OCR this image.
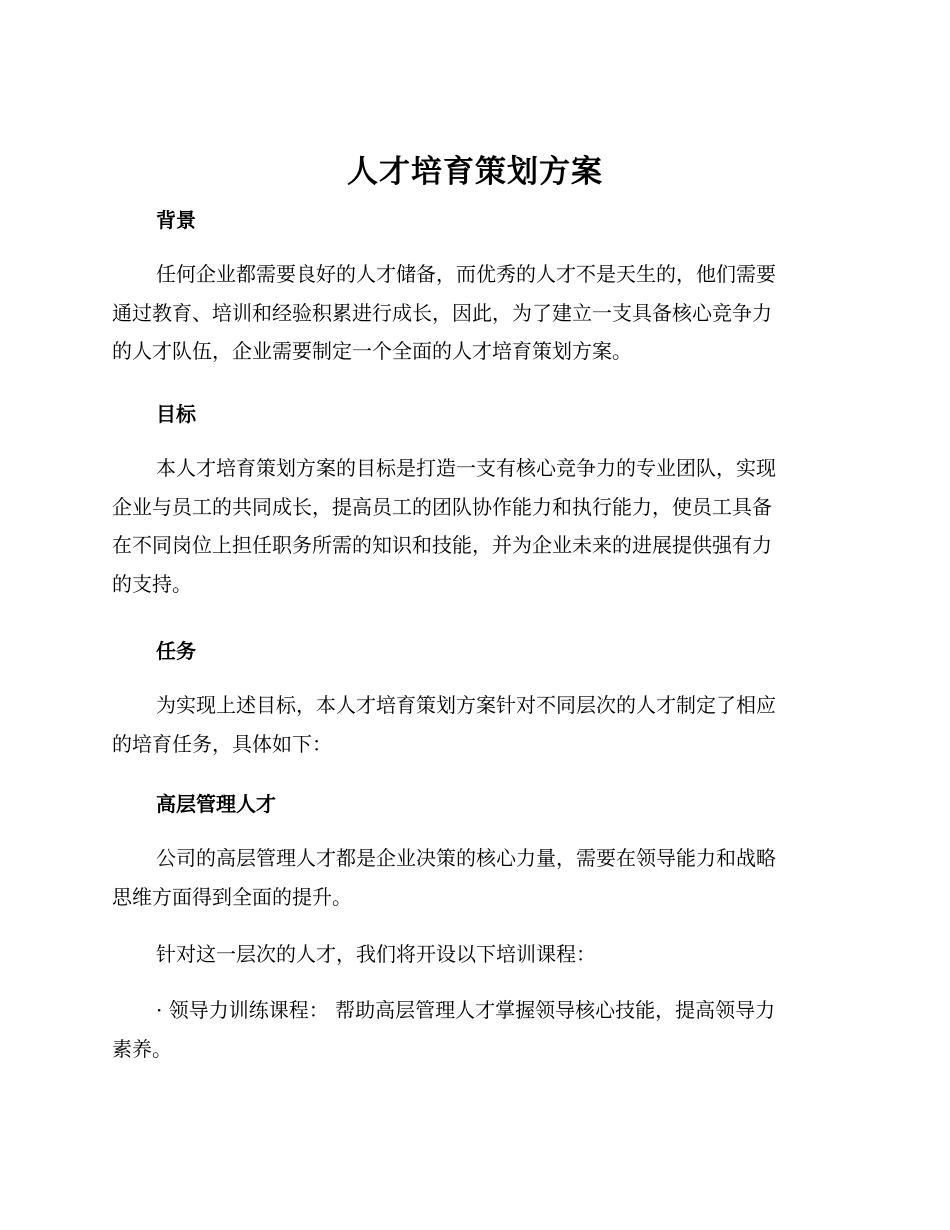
人才培育策划方案
背景

任何企业都需要良好的人才储备，而优秀的人才不是天生的，他们需要
通过教育、培训和经验积累进行成长，因此，为了建立一支具备核心竞争力
的人才队伍，企业需要制定一个全面的人才培育策划方案。

目标

本人才培育策划方案的目标是打造一支有核心竞争力的专业团队，实现
企业与员工的共同成长，提高员工的团队协作能力和执行能力，使员工具备
在不同岗位上担任职务所需的知识和技能，并为企业未来的进展提供强有力
的支持。

任务

为实现上述目标，本人才培育策划方案针对不同层次的人才制定了相应
的培育任务，具体如下：

高层管理人才

公司的高层管理人才都是企业决策的核心力量，需要在领导能力和战略
思维方面得到全面的提升。

针对这一层次的人才，我们将开设以下培训课程：

· 领导力训练课程： 帮助高层管理人才掌握领导核心技能，提高领导力
素养。
